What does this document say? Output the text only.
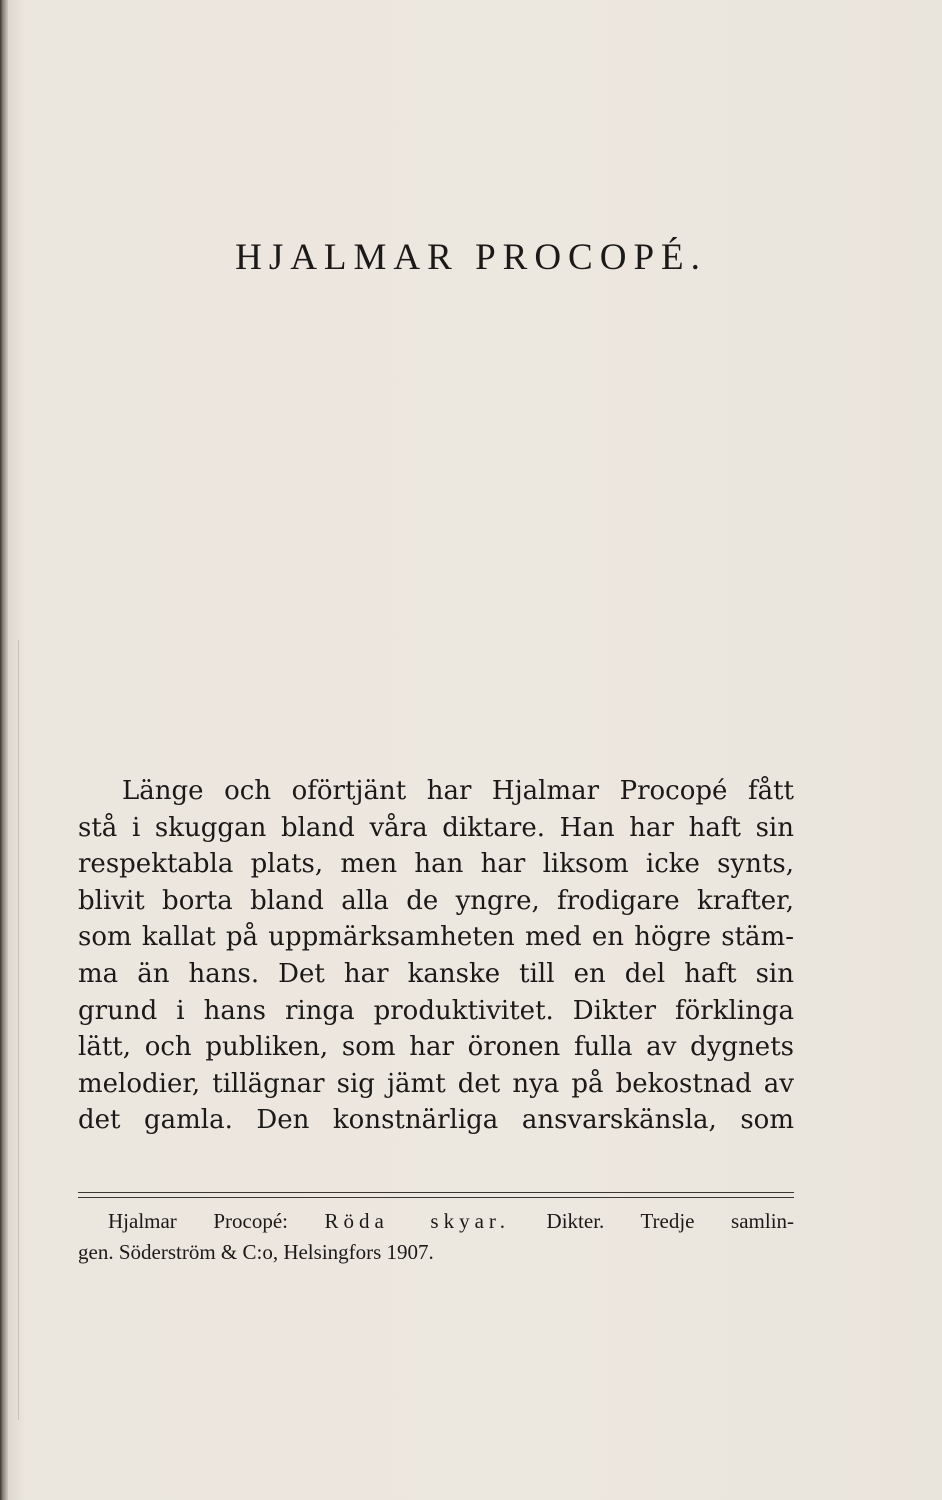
HJALMAR PROCOPÉ.
Länge och oförtjänt har Hjalmar Procopé fått
stå i skuggan bland våra diktare. Han har haft sin
respektabla plats, men han har liksom icke synts,
blivit borta bland alla de yngre, frodigare krafter,
som kallat på uppmärksamheten med en högre stäm-
ma än hans. Det har kanske till en del haft sin
grund i hans ringa produktivitet. Dikter förklinga
lätt, och publiken, som har öronen fulla av dygnets
melodier, tillägnar sig jämt det nya på bekostnad av
det gamla. Den konstnärliga ansvarskänsla, som
Hjalmar Procopé: Röda skyar. Dikter. Tredje samlin-
gen. Söderström & C:o, Helsingfors 1907.
